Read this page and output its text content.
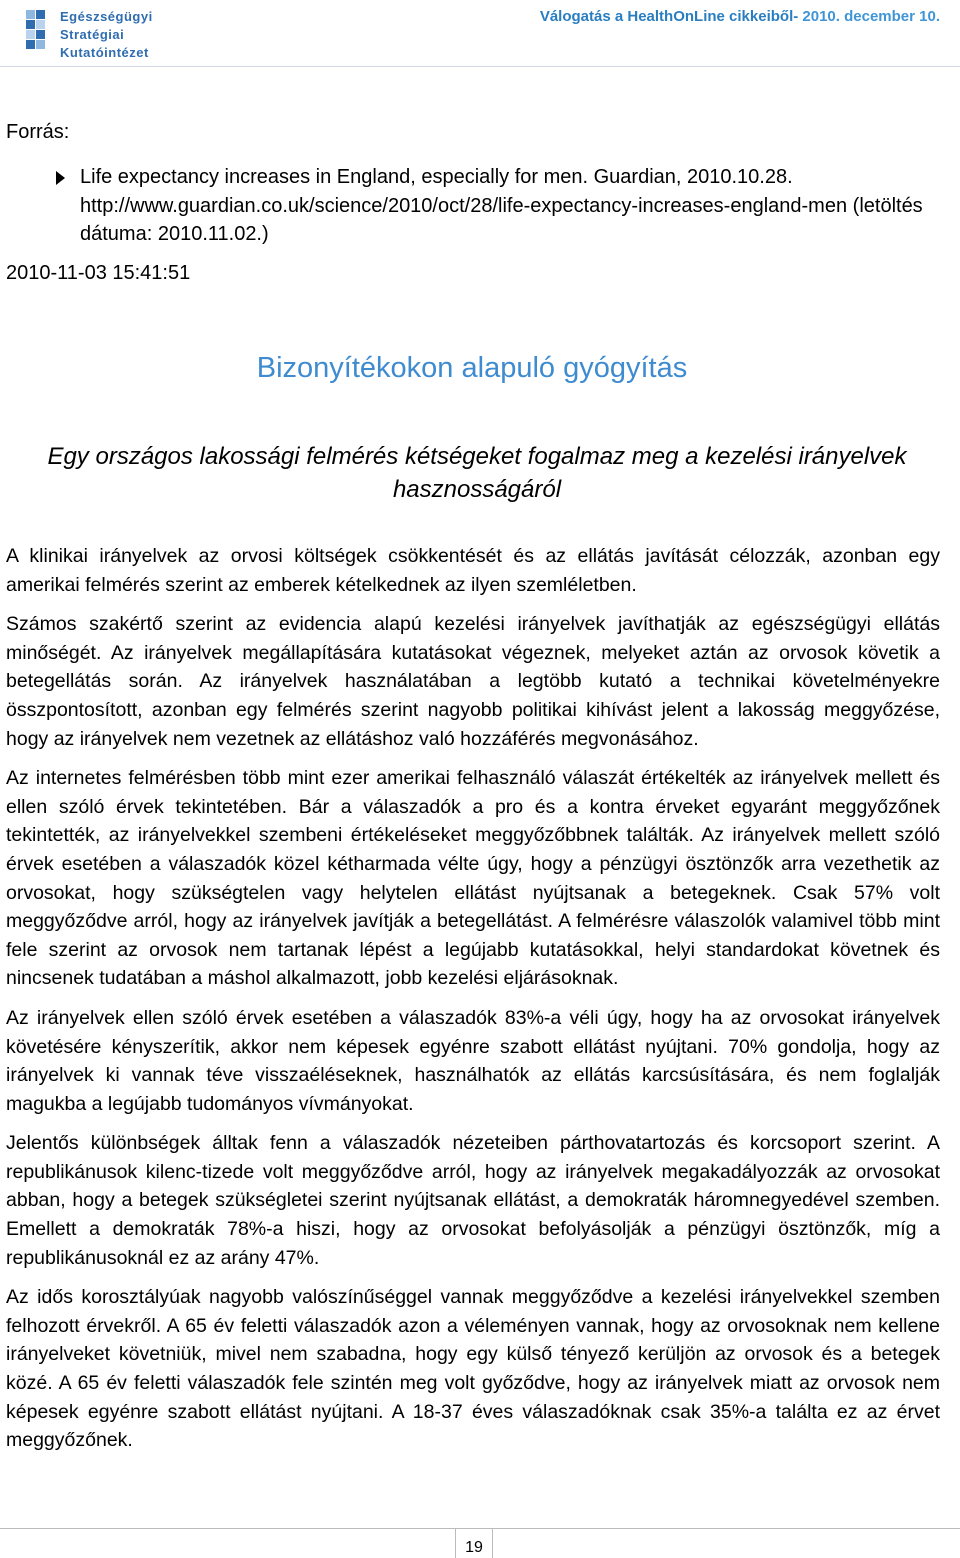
Egészségügyi
Stratégiai
Kutatóintézet
Válogatás a HealthOnLine cikkeiből- 2010. december 10.
Forrás:
Life expectancy increases in England, especially for men. Guardian, 2010.10.28.
http://www.guardian.co.uk/science/2010/oct/28/life-expectancy-increases-england-men (letöltés dátuma: 2010.11.02.)
2010-11-03 15:41:51
Bizonyítékokon alapuló gyógyítás
Egy országos lakossági felmérés kétségeket fogalmaz meg a kezelési irányelvek hasznosságáról

A klinikai irányelvek az orvosi költségek csökkentését és az ellátás javítását célozzák, azonban egy amerikai felmérés szerint az emberek kételkednek az ilyen szemléletben.

Számos szakértő szerint az evidencia alapú kezelési irányelvek javíthatják az egészségügyi ellátás minőségét. Az irányelvek megállapítására kutatásokat végeznek, melyeket aztán az orvosok követik a betegellátás során. Az irányelvek használatában a legtöbb kutató a technikai követelményekre összpontosított, azonban egy felmérés szerint nagyobb politikai kihívást jelent a lakosság meggyőzése, hogy az irányelvek nem vezetnek az ellátáshoz való hozzáférés megvonásához.

Az internetes felmérésben több mint ezer amerikai felhasználó válaszát értékelték az irányelvek mellett és ellen szóló érvek tekintetében. Bár a válaszadók a pro és a kontra érveket egyaránt meggyőzőnek tekintették, az irányelvekkel szembeni értékeléseket meggyőzőbbnek találták. Az irányelvek mellett szóló érvek esetében a válaszadók közel kétharmada vélte úgy, hogy a pénzügyi ösztönzők arra vezethetik az orvosokat, hogy szükségtelen vagy helytelen ellátást nyújtsanak a betegeknek. Csak 57% volt meggyőződve arról, hogy az irányelvek javítják a betegellátást. A felmérésre válaszolók valamivel több mint fele szerint az orvosok nem tartanak lépést a legújabb kutatásokkal, helyi standardokat követnek és nincsenek tudatában a máshol alkalmazott, jobb kezelési eljárásoknak.

Az irányelvek ellen szóló érvek esetében a válaszadók 83%-a véli úgy, hogy ha az orvosokat irányelvek követésére kényszerítik, akkor nem képesek egyénre szabott ellátást nyújtani. 70% gondolja, hogy az irányelvek ki vannak téve visszaéléseknek, használhatók az ellátás karcsúsítására, és nem foglalják magukba a legújabb tudományos vívmányokat.

Jelentős különbségek álltak fenn a válaszadók nézeteiben párthovatartozás és korcsoport szerint. A republikánusok kilenc-tizede volt meggyőződve arról, hogy az irányelvek megakadályozzák az orvosokat abban, hogy a betegek szükségletei szerint nyújtsanak ellátást, a demokraták háromnegyedével szemben. Emellett a demokraták 78%-a hiszi, hogy az orvosokat befolyásolják a pénzügyi ösztönzők, míg a republikánusoknál ez az arány 47%.

Az idős korosztályúak nagyobb valószínűséggel vannak meggyőződve a kezelési irányelvekkel szemben felhozott érvekről. A 65 év feletti válaszadók azon a véleményen vannak, hogy az orvosoknak nem kellene irányelveket követniük, mivel nem szabadna, hogy egy külső tényező kerüljön az orvosok és a betegek közé. A 65 év feletti válaszadók fele szintén meg volt győződve, hogy az irányelvek miatt az orvosok nem képesek egyénre szabott ellátást nyújtani. A 18-37 éves válaszadóknak csak 35%-a találta ez az érvet meggyőzőnek.

19
